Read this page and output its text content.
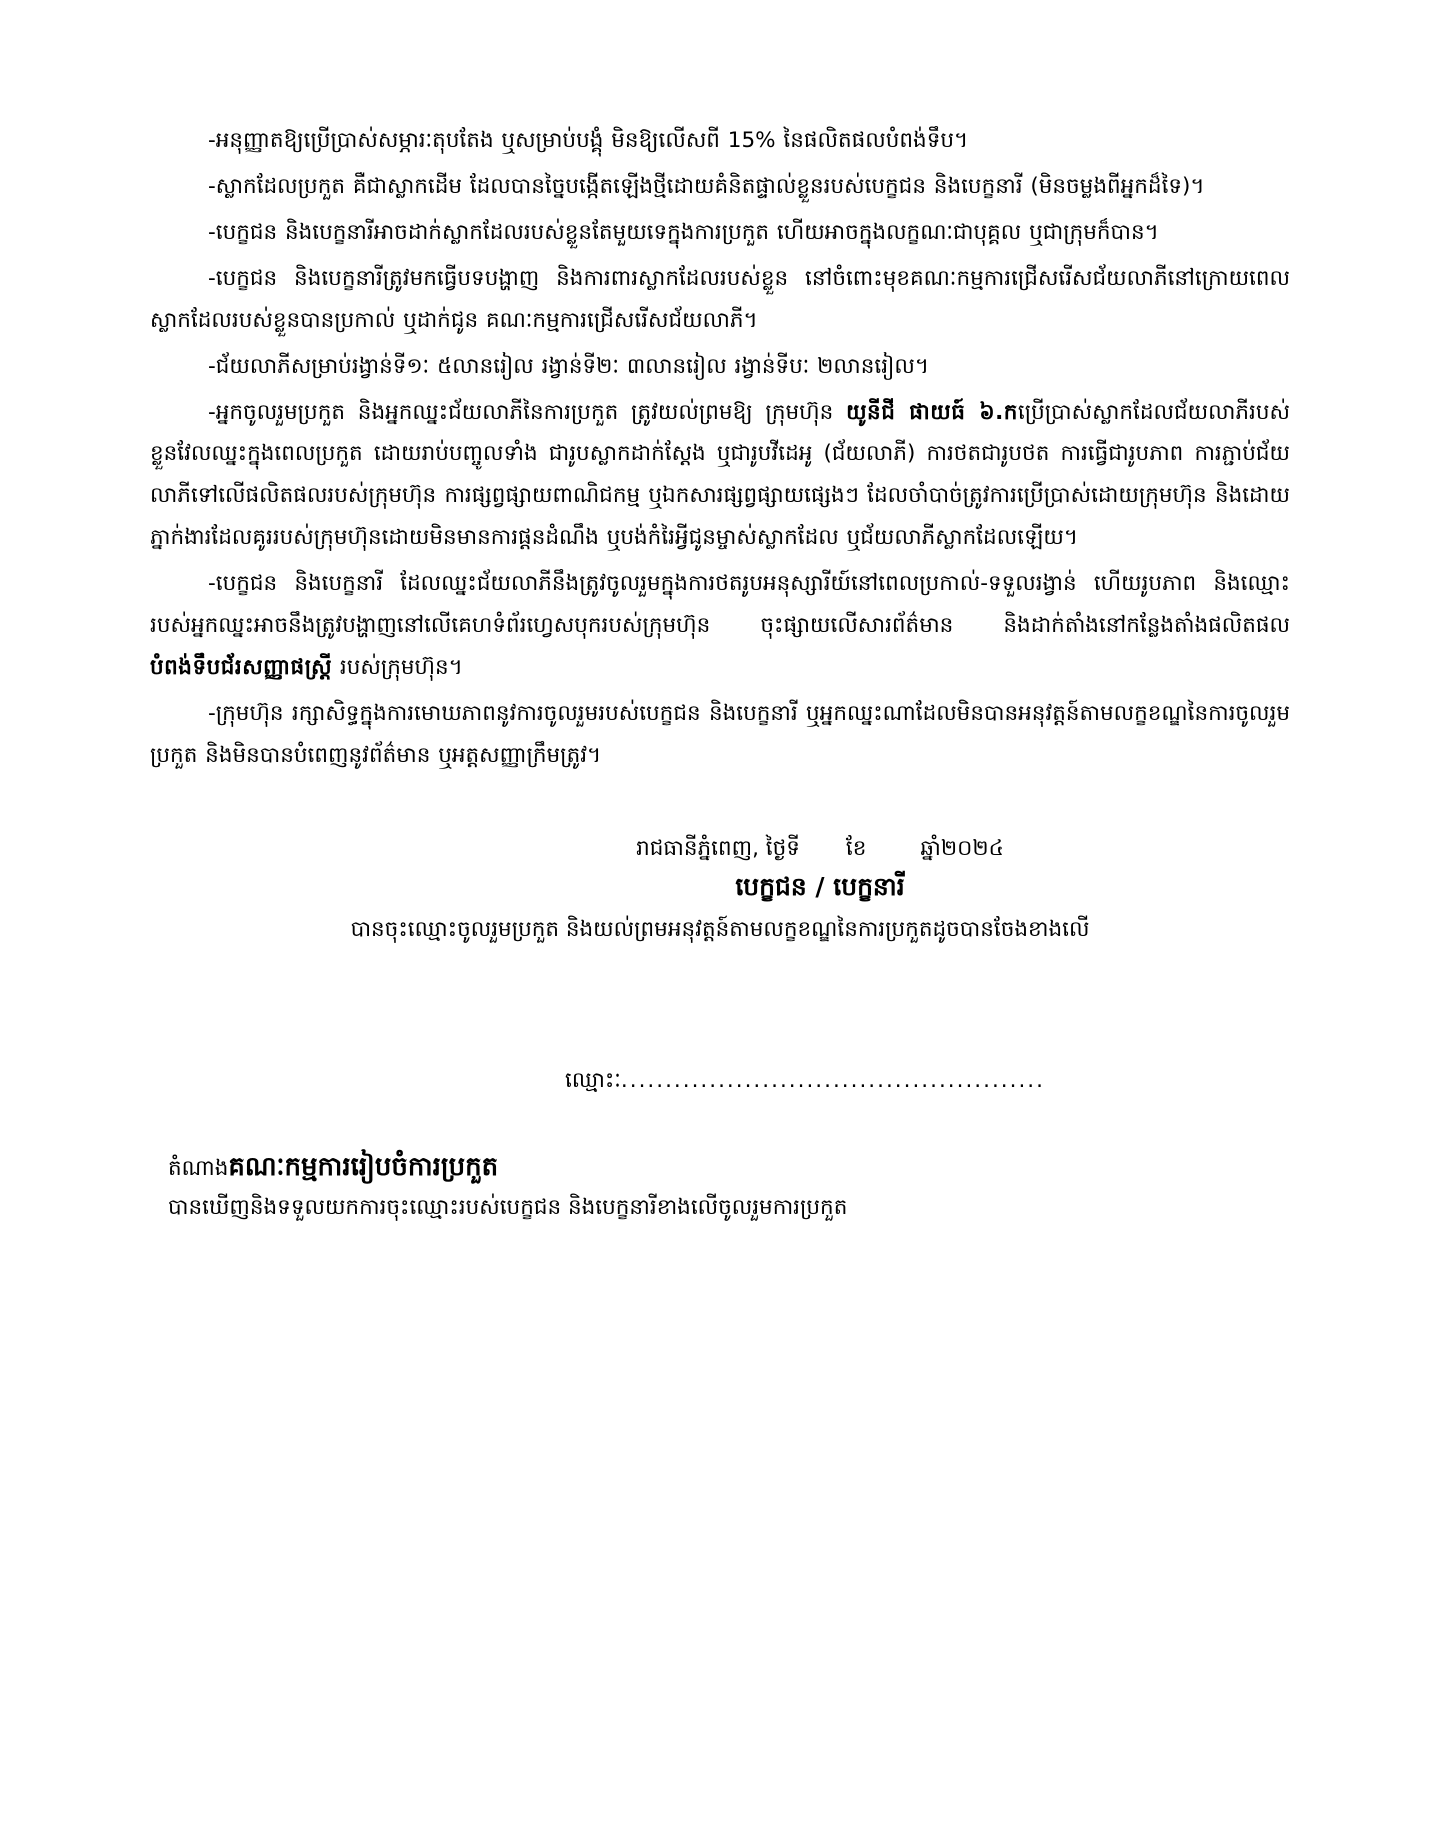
-អនុញ្ញាតឱ្យប្រើប្រាស់សម្ភារៈតុបតែង ឬសម្រាប់បង្គុំ មិនឱ្យលើសពី 15% នៃផលិតផលបំពង់ទឹប។

-ស្លាកដែលប្រកួត គឺជាស្លាកដើម ដែលបានច្នៃបង្កើតឡើងថ្មីដោយគំនិតផ្ទាល់ខ្លួនរបស់បេក្ខជន និងបេក្ខនារី (មិនចម្លងពីអ្នកដ៏ទៃ)។

-បេក្ខជន និងបេក្ខនារីអាចដាក់ស្លាកដែលរបស់ខ្លួនតែមួយទេក្នុងការប្រកួត ហើយអាចក្នុងលក្ខណៈជាបុគ្គល ឬជាក្រុមក៏បាន។

-បេក្ខជន និងបេក្ខនារីត្រូវមកធ្វើបទបង្ហាញ និងការពារស្លាកដែលរបស់ខ្លួន នៅចំពោះមុខគណៈកម្មការជ្រើសរើសជ័យលាភីនៅក្រោយពេលស្លាកដែលរបស់ខ្លួនបានប្រកាល់ ឬដាក់ជូន គណៈកម្មការជ្រើសរើសជ័យលាភី។

-ជ័យលាភីសម្រាប់រង្វាន់ទី១ៈ ៥លានរៀល រង្វាន់ទី២ៈ ៣លានរៀល រង្វាន់ទីបៈ ២លានរៀល។

-អ្នកចូលរួមប្រកួត និងអ្នកឈ្នះជ័យលាភីនៃការប្រកួត ត្រូវយល់ព្រមឱ្យ ក្រុមហ៊ុន យូនីជី ផាយធ៍ ៦.កប្រើប្រាស់ស្លាកដែលជ័យលាភីរបស់ខ្លួនវែលឈ្នះក្នុងពេលប្រកួត ដោយរាប់បញ្ចូលទាំង ជារូបស្លាកដាក់ស្តែង ឬជារូបវីដេអូ (ជ័យលាភី) ការថតជារូបថត ការធ្វើជារូបភាព ការភ្ជាប់ជ័យលាភីទៅលើផលិតផលរបស់ក្រុមហ៊ុន ការផ្សព្វផ្សាយពាណិជកម្ម ឬឯកសារផ្សព្វផ្សាយផ្សេងៗ ដែលចាំបាច់ត្រូវការប្រើប្រាស់ដោយក្រុមហ៊ុន និងដោយភ្នាក់ងារដែលគូររបស់ក្រុមហ៊ុនដោយមិនមានការផ្តនដំណឹង ឬបង់កំរៃអ្វីជូនម្ចាស់ស្លាកដែល ឬជ័យលាភីស្លាកដែលឡើយ។

-បេក្ខជន និងបេក្ខនារី ដែលឈ្នះជ័យលាភីនឹងត្រូវចូលរួមក្នុងការថតរូបអនុស្សារីយ៍នៅពេលប្រកាល់-ទទួលរង្វាន់ ហើយរូបភាព និងឈ្មោះរបស់អ្នកឈ្នះអាចនឹងត្រូវបង្ហាញនៅលើគេហទំព័រហ្វេសបុករបស់ក្រុមហ៊ុន ចុះផ្សាយលើសារព័ត៌មាន និងដាក់តាំងនៅកន្លែងតាំងផលិតផល បំពង់ទឹបជ័រសញ្ញាផស្រ្តី របស់ក្រុមហ៊ុន។

-ក្រុមហ៊ុន រក្សាសិទ្ធក្នុងការមោឃភាពនូវការចូលរួមរបស់បេក្ខជន និងបេក្ខនារី ឬអ្នកឈ្នះណាដែលមិនបានអនុវត្តន៍តាមលក្ខខណ្ឌនៃការចូលរួមប្រកួត និងមិនបានបំពេញនូវព័ត៌មាន ឬអត្តសញ្ញាក្រឹមត្រូវ។

រាជធានីភ្នំពេញ, ថ្ងៃទី ខែ	ឆ្នាំ២០២៤

បេក្ខជន / បេក្ខនារី

បានចុះឈ្មោះចូលរួមប្រកួត និងយល់ព្រមអនុវត្តន៍តាមលក្ខខណ្ឌនៃការប្រកួតដូចបានចែងខាងលើ

ឈ្មោះៈ................................................

តំណាងគណៈកម្មការរៀបចំការប្រកួត

បានឃើញនិងទទួលយកការចុះឈ្មោះរបស់បេក្ខជន និងបេក្ខនារីខាងលើចូលរួមការប្រកួត
